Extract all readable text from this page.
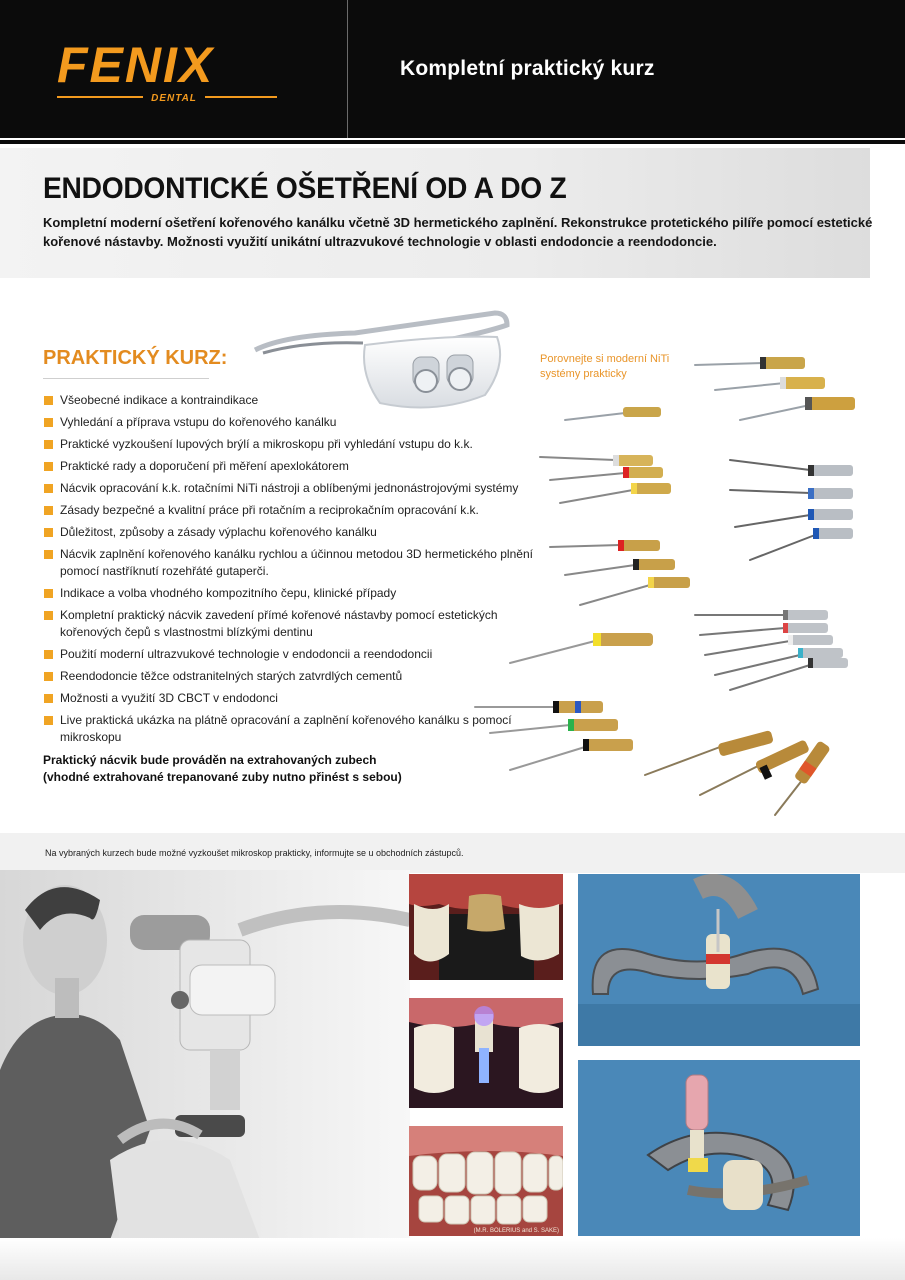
FENIX
DENTAL
Kompletní praktický kurz
ENDODONTICKÉ OŠETŘENÍ OD A DO Z
Kompletní moderní ošetření kořenového kanálku včetně 3D hermetického zaplnění. Rekonstrukce protetického pilíře pomocí estetické kořenové nástavby. Možnosti využití unikátní ultrazvukové technologie v oblasti endodoncie a reendodoncie.
PRAKTICKÝ KURZ:
Všeobecné indikace a kontraindikace
Vyhledání a příprava vstupu do kořenového kanálku
Praktické vyzkoušení lupových brýlí a mikroskopu při vyhledání vstupu do k.k.
Praktické rady a doporučení při měření apexlokátorem
Nácvik opracování k.k. rotačními NiTi nástroji a oblíbenými jednonástrojovými systémy
Zásady bezpečné a kvalitní práce při rotačním a reciprokačním opracování k.k.
Důležitost, způsoby a zásady výplachu kořenového kanálku
Nácvik zaplnění kořenového kanálku rychlou a účinnou metodou 3D hermetického plnění pomocí nastříknutí rozehřáté gutaperči.
Indikace a volba vhodného kompozitního čepu, klinické případy
Kompletní praktický nácvik zavedení přímé kořenové nástavby pomocí estetických kořenových čepů s vlastnostmi blízkými dentinu
Použití moderní ultrazvukové technologie v endodoncii a reendodoncii
Reendodoncie těžce odstranitelných starých zatvrdlých cementů
Možnosti a využití 3D CBCT v endodonci
Live praktická ukázka na plátně opracování a zaplnění kořenového kanálku s pomocí mikroskopu
Praktický nácvik bude prováděn na extrahovaných zubech
(vhodné extrahované trepanované zuby nutno přinést s sebou)
Porovnejte si moderní NiTi systémy prakticky
Na vybraných kurzech bude možné vyzkoušet mikroskop prakticky, informujte se u obchodních zástupců.
(M.R. BOLERIUS and S. SAKE)
